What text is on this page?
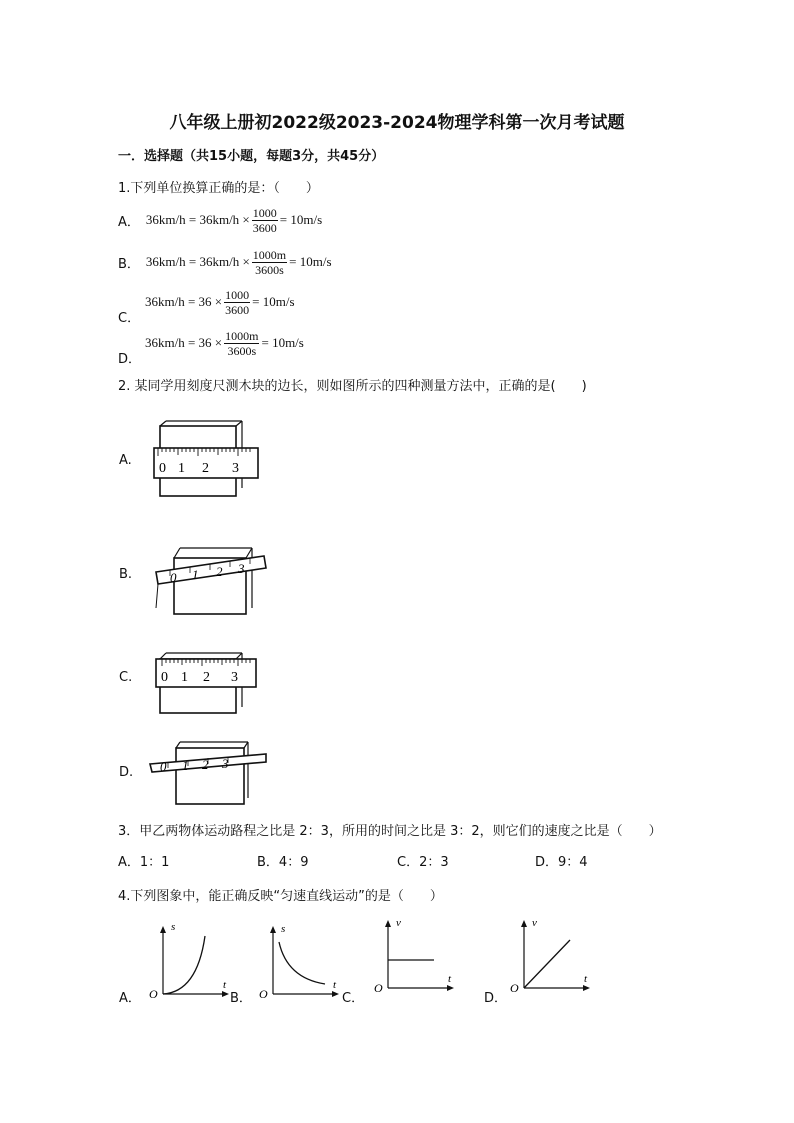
八年级上册初2022级2023-2024物理学科第一次月考试题
一．选择题（共15小题，每题3分，共45分）
1.下列单位换算正确的是：（　　）
A． $36km/h = 36km/h \times \frac{1000}{3600} = 10m/s$
B． $36km/h = 36km/h \times \frac{1000m}{3600s} = 10m/s$
C．
$36km/h = 36 \times \frac{1000}{3600} = 10m/s$
D．
$36km/h = 36 \times \frac{1000m}{3600s} = 10m/s$
2. 某同学用刻度尺测木块的边长，则如图所示的四种测量方法中，正确的是(　　)
A.
0 1 2 3
B.	0 1 2 3
C. 0 1 2 3
D. 0 1 2 3
3．甲乙两物体运动路程之比是 2：3，所用的时间之比是 3：2，则它们的速度之比是（　　）
A．1：1	B．4：9	C．2：3	D．9：4
4.下列图象中，能正确反映“匀速直线运动”的是（　　）
A．
s
t
O	B．
s
t
O	C．
v
t
O
D．
v
t
O
